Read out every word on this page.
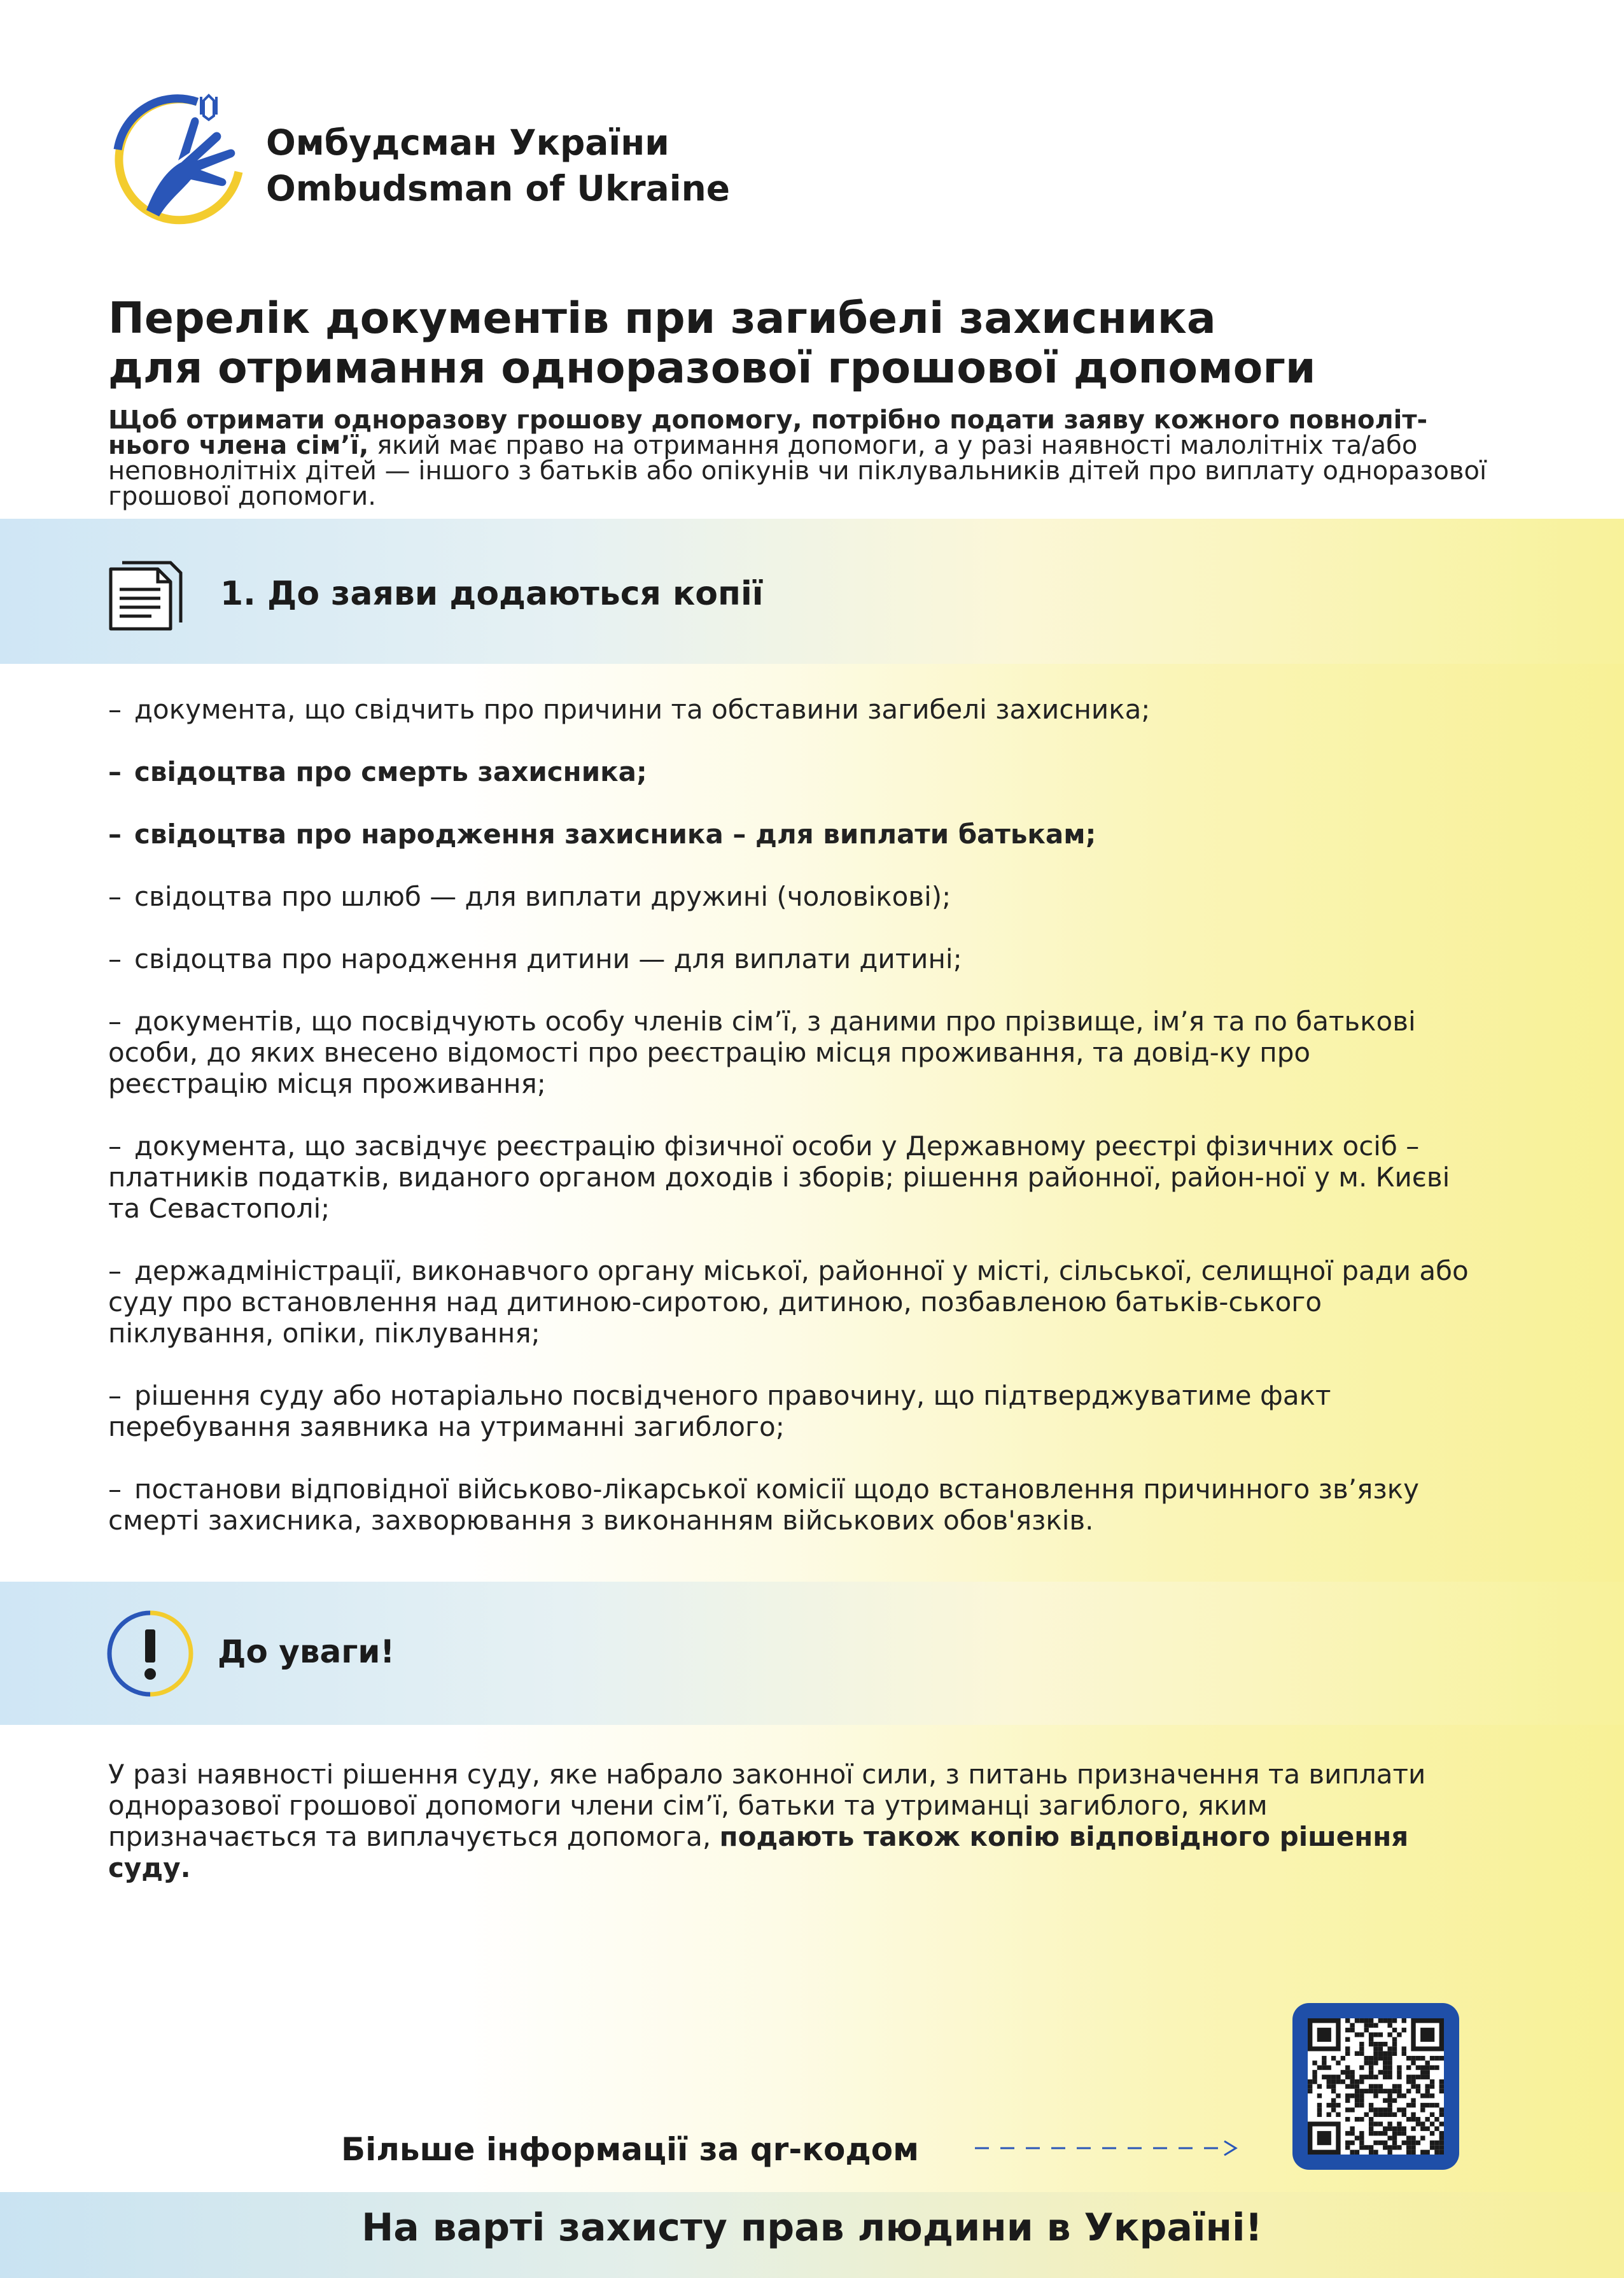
Омбудсман України
Ombudsman of Ukraine
Перелік документів при загибелі захисника
для отримання одноразової грошової допомоги

Щоб отримати одноразову грошову допомогу, потрібно подати заяву кожного повноліт- нього члена сім’ї, який має право на отримання допомоги, а у разі наявності малолітніх та/або неповнолітніх дітей — іншого з батьків або опікунів чи піклувальників дітей про виплату одноразової грошової допомоги.

1. До заяви додаються копії
– документа, що свідчить про причини та обставини загибелі захисника;
– свідоцтва про смерть захисника;
– свідоцтва про народження захисника – для виплати батькам;
– свідоцтва про шлюб — для виплати дружині (чоловікові);
– свідоцтва про народження дитини — для виплати дитині;
– документів, що посвідчують особу членів сім’ї, з даними про прізвище, ім’я та по батькові особи, до яких внесено відомості про реєстрацію місця проживання, та довід-ку про реєстрацію місця проживання;
– документа, що засвідчує реєстрацію фізичної особи у Державному реєстрі фізичних осіб – платників податків, виданого органом доходів і зборів; рішення районної, район-ної у м. Києві та Севастополі;
– держадміністрації, виконавчого органу міської, районної у місті, сільської, селищної ради або суду про встановлення над дитиною-сиротою, дитиною, позбавленою батьків-ського піклування, опіки, піклування;
– рішення суду або нотаріально посвідченого правочину, що підтверджуватиме факт перебування заявника на утриманні загиблого;
– постанови відповідної військово-лікарської комісії щодо встановлення причинного зв’язку смерті захисника, захворювання з виконанням військових обов'язків.
До уваги!

У разі наявності рішення суду, яке набрало законної сили, з питань призначення та виплати одноразової грошової допомоги члени сім’ї, батьки та утриманці загиблого, яким призначається та виплачується допомога, подають також копію відповідного рішення суду.

Більше інформації за qr-кодом
На варті захисту прав людини в Україні!
